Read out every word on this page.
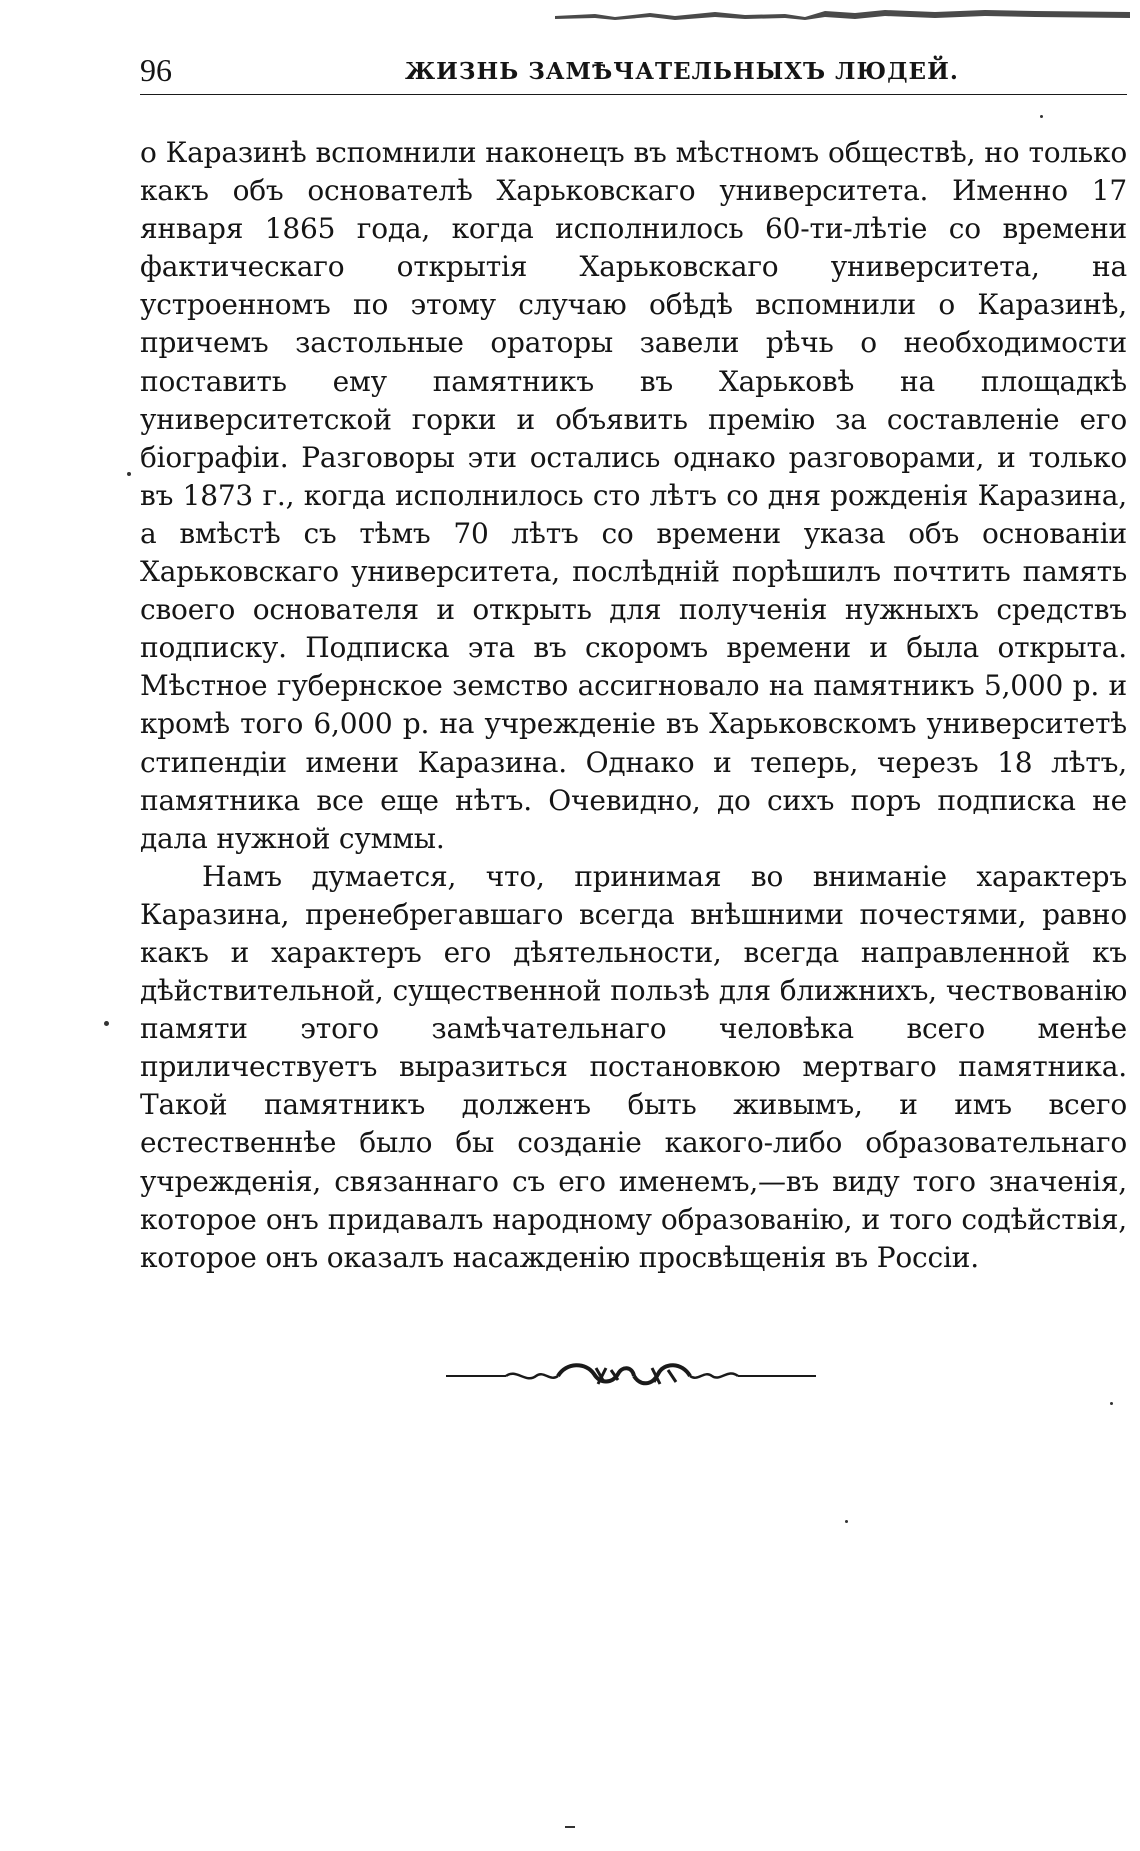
96	ЖИЗНЬ ЗАМѢЧАТЕЛЬНЫХЪ ЛЮДЕЙ.

о Каразинѣ вспомнили наконецъ въ мѣстномъ обществѣ, но только какъ объ основателѣ Харьковскаго университета. Именно 17 января 1865 года, когда исполнилось 60-ти-лѣтіе со времени фактическаго открытія Харьковскаго университета, на устроенномъ по этому случаю обѣдѣ вспомнили о Каразинѣ, причемъ застольные ораторы завели рѣчь о необходимости поставить ему памятникъ въ Харьковѣ на площадкѣ университетской горки и объявить премію за составленіе его біографіи. Разговоры эти остались однако разговорами, и только въ 1873 г., когда исполнилось сто лѣтъ со дня рожденія Каразина, а вмѣстѣ съ тѣмъ 70 лѣтъ со времени указа объ основаніи Харьковскаго университета, послѣдній порѣшилъ почтить память своего основателя и открыть для полученія нужныхъ средствъ подписку. Подписка эта въ скоромъ времени и была открыта. Мѣстное губернское земство ассигновало на памятникъ 5,000 р. и кромѣ того 6,000 р. на учрежденіе въ Харьковскомъ университетѣ стипендіи имени Каразина. Однако и теперь, черезъ 18 лѣтъ, памятника все еще нѣтъ. Очевидно, до сихъ поръ подписка не дала нужной суммы.

Намъ думается, что, принимая во вниманіе характеръ Каразина, пренебрегавшаго всегда внѣшними почестями, равно какъ и характеръ его дѣятельности, всегда направленной къ дѣйствительной, существенной пользѣ для ближнихъ, чествованію памяти этого замѣчательнаго человѣка всего менѣе приличествуетъ выразиться постановкою мертваго памятника. Такой памятникъ долженъ быть живымъ, и имъ всего естественнѣе было бы созданіе какого-либо образовательнаго учрежденія, связаннаго съ его именемъ,—въ виду того значенія, которое онъ придавалъ народному образованію, и того содѣйствія, которое онъ оказалъ насажденію просвѣщенія въ Россіи.
